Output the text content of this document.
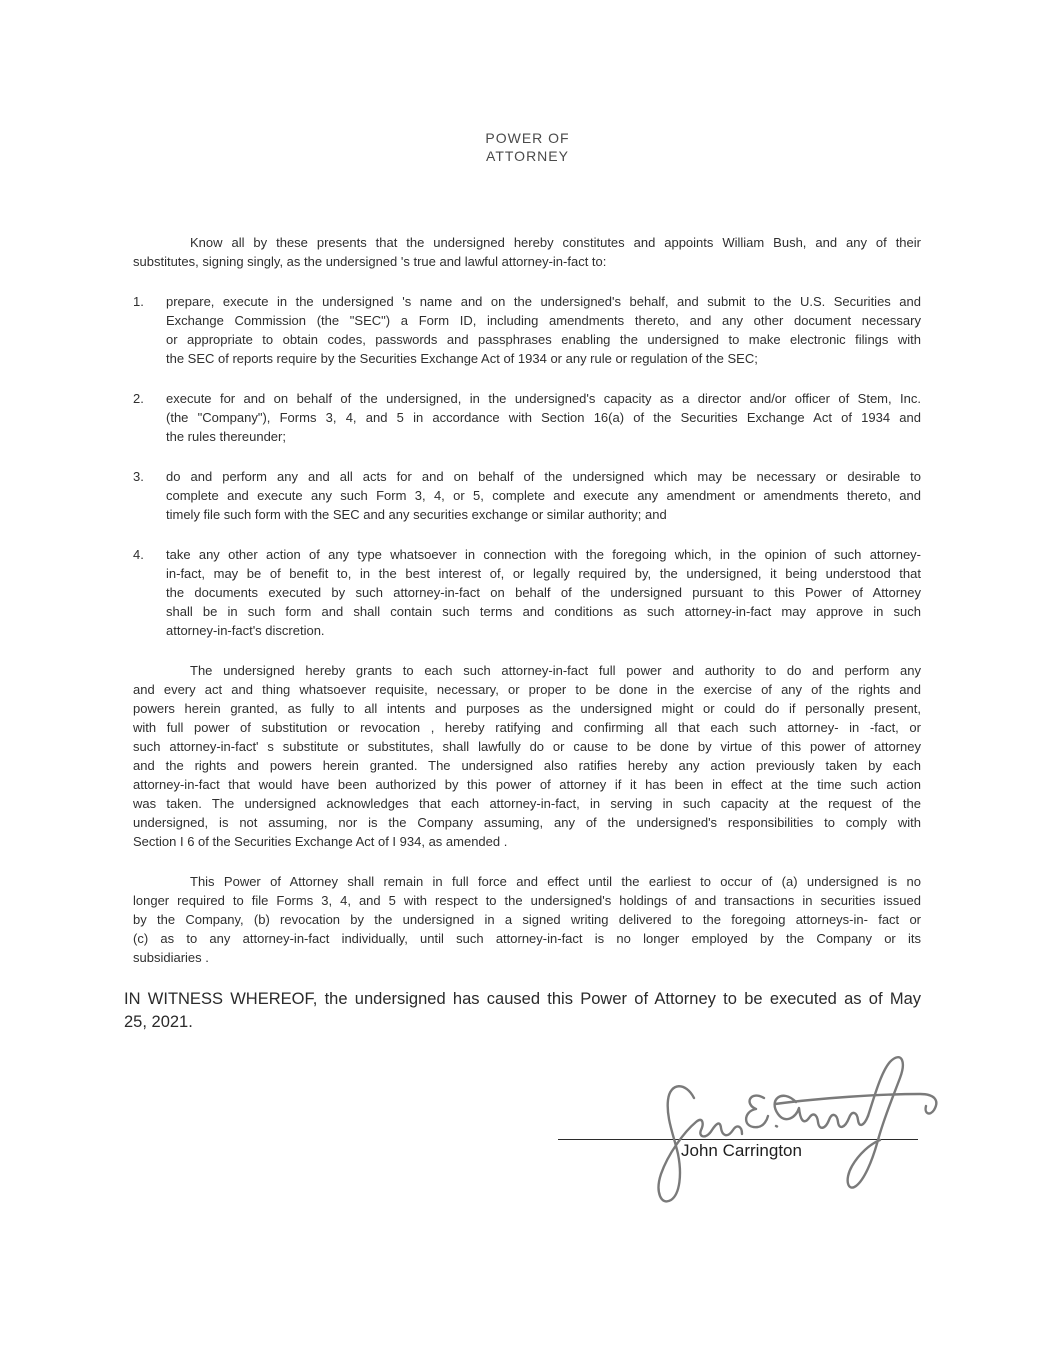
POWER OF
ATTORNEY
Know all by these presents that the undersigned hereby constitutes and appoints William Bush, and any of their
substitutes, signing singly, as the undersigned 's true and lawful attorney-in-fact to:
1.	prepare, execute in the undersigned 's name and on the undersigned's behalf, and submit to the U.S. Securities and
Exchange Commission (the "SEC") a Form ID, including amendments thereto, and any other document necessary
or appropriate to obtain codes, passwords and passphrases enabling the undersigned to make electronic filings with
the SEC of reports require by the Securities Exchange Act of 1934 or any rule or regulation of the SEC;
2.	execute for and on behalf of the undersigned, in the undersigned's capacity as a director and/or officer of Stem, Inc.
(the "Company"), Forms 3, 4, and 5 in accordance with Section 16(a) of the Securities Exchange Act of 1934 and
the rules thereunder;
3.	do and perform any and all acts for and on behalf of the undersigned which may be necessary or desirable to
complete and execute any such Form 3, 4, or 5, complete and execute any amendment or amendments thereto, and
timely file such form with the SEC and any securities exchange or similar authority; and
4.	take any other action of any type whatsoever in connection with the foregoing which, in the opinion of such attorney-
in-fact, may be of benefit to, in the best interest of, or legally required by, the undersigned, it being understood that
the documents executed by such attorney-in-fact on behalf of the undersigned pursuant to this Power of Attorney
shall be in such form and shall contain such terms and conditions as such attorney-in-fact may approve in such
attorney-in-fact's discretion.
The undersigned hereby grants to each such attorney-in-fact full power and authority to do and perform any
and every act and thing whatsoever requisite, necessary, or proper to be done in the exercise of any of the rights and
powers herein granted, as fully to all intents and purposes as the undersigned might or could do if personally present,
with full power of substitution or revocation , hereby ratifying and confirming all that each such attorney- in -fact, or
such attorney-in-fact' s substitute or substitutes, shall lawfully do or cause to be done by virtue of this power of attorney
and the rights and powers herein granted. The undersigned also ratifies hereby any action previously taken by each
attorney-in-fact that would have been authorized by this power of attorney if it has been in effect at the time such action
was taken. The undersigned acknowledges that each attorney-in-fact, in serving in such capacity at the request of the
undersigned, is not assuming, nor is the Company assuming, any of the undersigned's responsibilities to comply with
Section I 6 of the Securities Exchange Act of I 934, as amended .
This Power of Attorney shall remain in full force and effect until the earliest to occur of (a) undersigned is no
longer required to file Forms 3, 4, and 5 with respect to the undersigned's holdings of and transactions in securities issued
by the Company, (b) revocation by the undersigned in a signed writing delivered to the foregoing attorneys-in- fact or
(c) as to any attorney-in-fact individually, until such attorney-in-fact is no longer employed by the Company or its
subsidiaries .
IN WITNESS WHEREOF, the undersigned has caused this Power of Attorney to be executed as of May
25, 2021.
John Carrington
